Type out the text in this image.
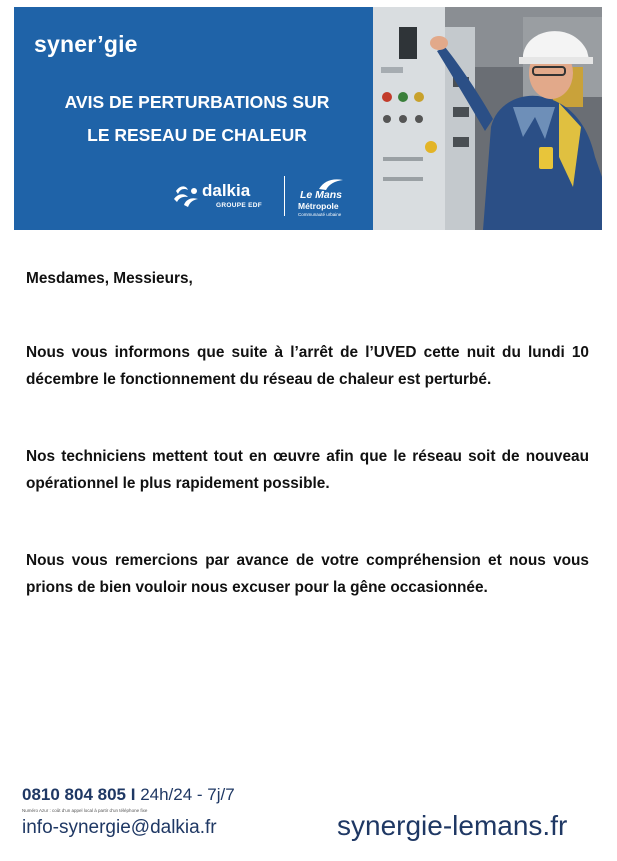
syner’gie
AVIS DE PERTURBATIONS SUR
LE RESEAU DE CHALEUR
dalkia
GROUPE EDF
Le Mans
Métropole
Communauté urbaine

Mesdames, Messieurs,

Nous vous informons que suite à l’arrêt de l’UVED cette nuit du lundi 10 décembre le fonctionnement du réseau de chaleur est perturbé.

Nos techniciens mettent tout en œuvre afin que le réseau soit de nouveau opérationnel le plus rapidement possible.

Nous vous remercions par avance de votre compréhension et nous vous prions de bien vouloir nous excuser pour la gêne occasionnée.

0810 804 805 I 24h/24 - 7j/7
Numéro Azur : coût d’un appel local à partir d’un téléphone fixe
info-synergie@dalkia.fr	synergie-lemans.fr
